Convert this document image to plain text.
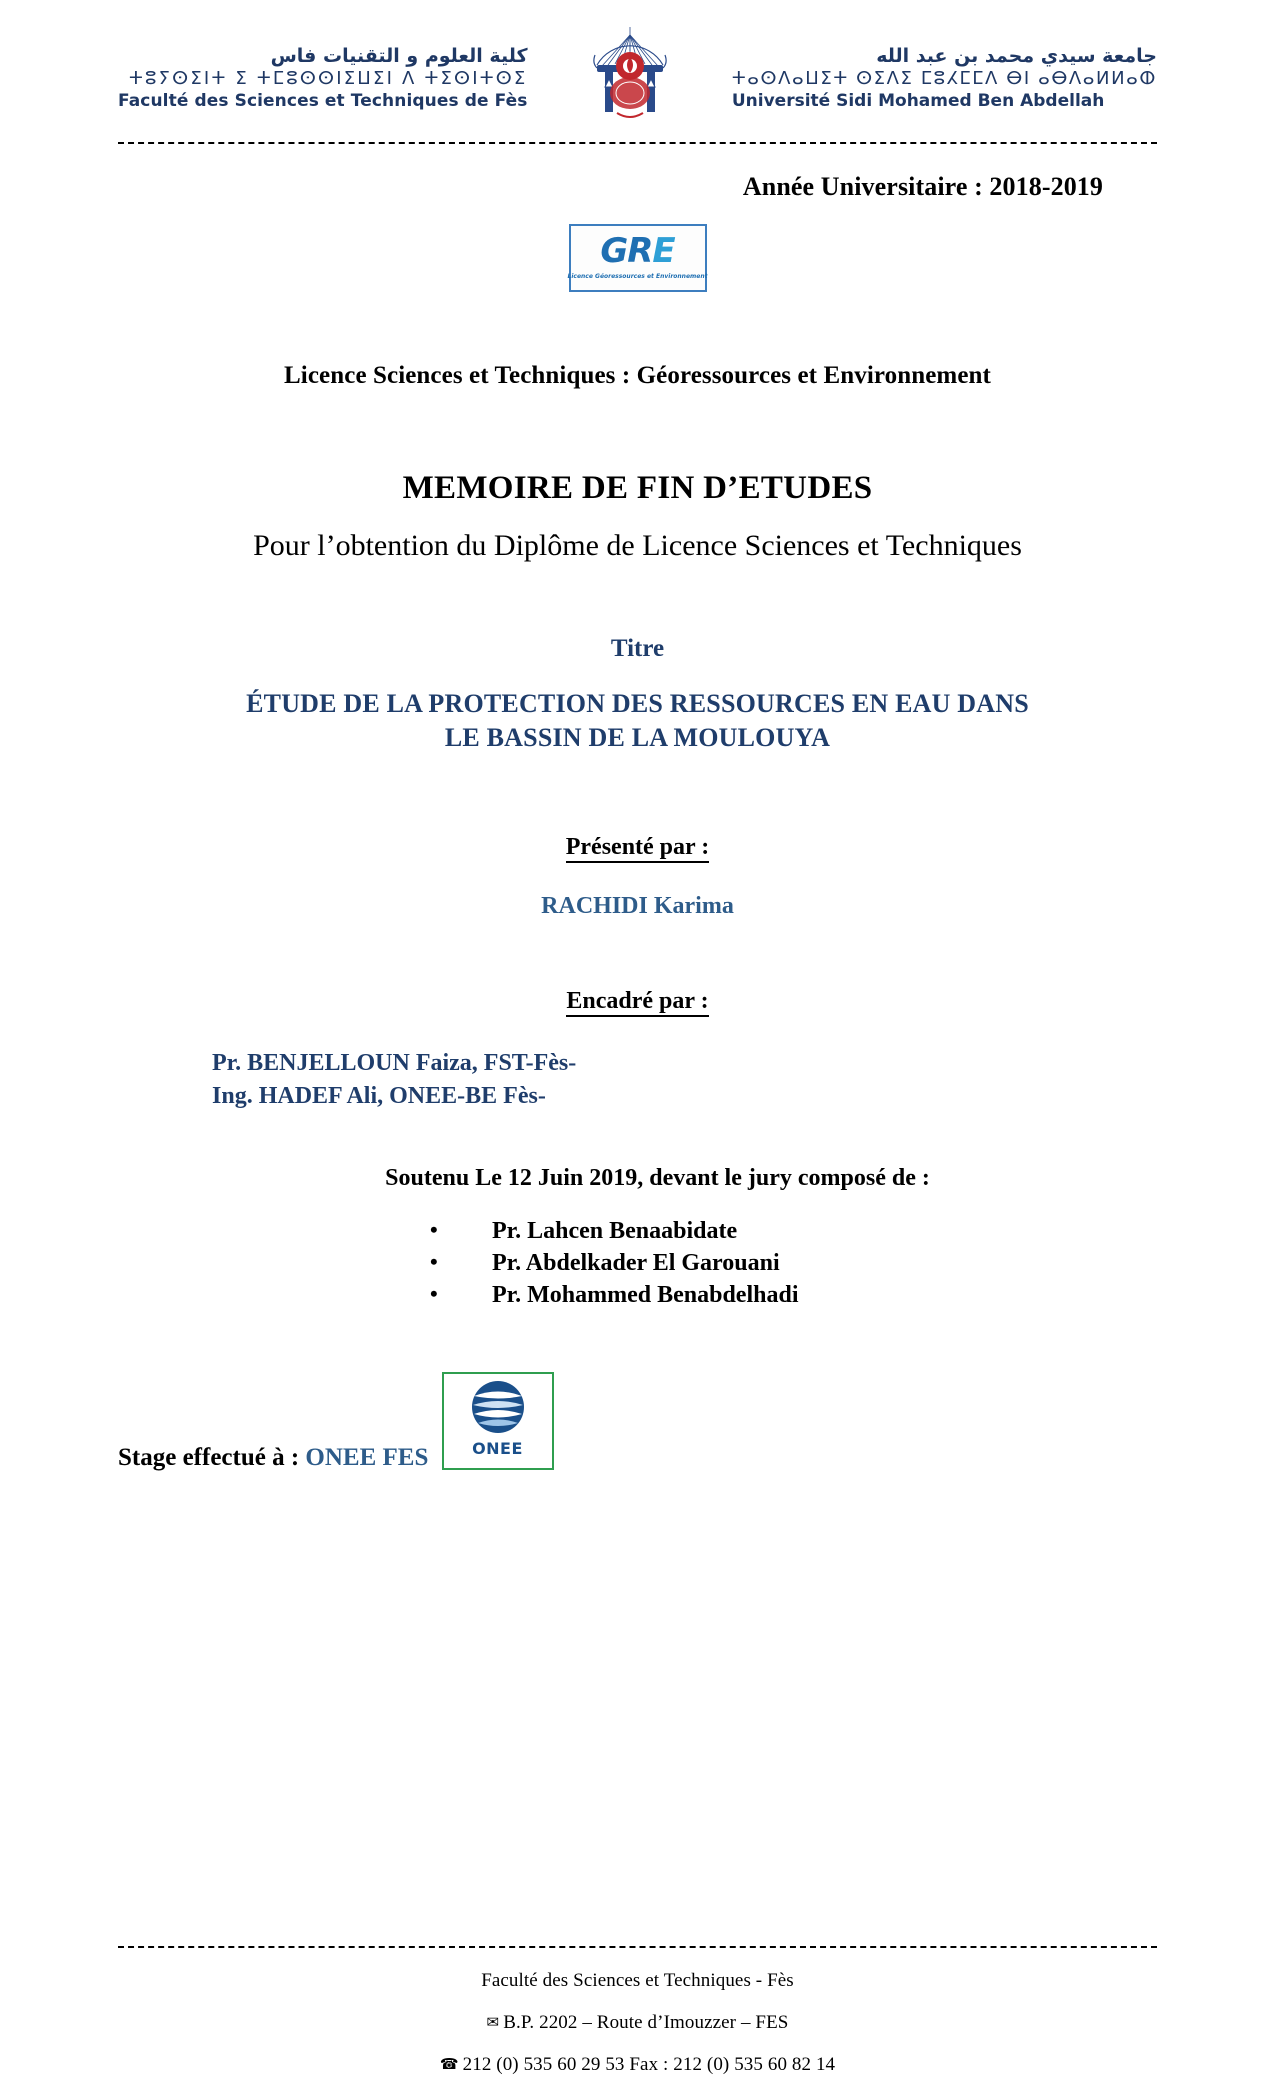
كلية العلوم و التقنيات فاس
ⵜⵓⵢⵙⵉⵏⵜ ⵉ ⵜⵎⵓⵙⵙⵏⵉⵡⵉⵏ ⴷ ⵜⵉⵙⵏⵜⵙⵉ
Faculté des Sciences et Techniques de Fès
جامعة سيدي محمد بن عبد الله
ⵜⴰⵙⴷⴰⵡⵉⵜ ⵙⵉⴷⵉ ⵎⵓⵃⵎⵎⴷ ⴱⵏ ⴰⴱⴷⴰⵍⵍⴰⵀ
Université Sidi Mohamed Ben Abdellah
Année Universitaire : 2018-2019
GRE
Licence Géoressources et Environnement
Licence Sciences et Techniques : Géoressources et Environnement
MEMOIRE DE FIN D’ETUDES
Pour l’obtention du Diplôme de Licence Sciences et Techniques
Titre
ÉTUDE DE LA PROTECTION DES RESSOURCES EN EAU DANS
LE BASSIN DE LA MOULOUYA
Présenté par :
RACHIDI Karima
Encadré par :
Pr. BENJELLOUN Faiza, FST-Fès-
Ing. HADEF Ali, ONEE-BE Fès-
Soutenu Le 12 Juin 2019, devant le jury composé de :
• Pr. Lahcen Benaabidate
• Pr. Abdelkader El Garouani
• Pr. Mohammed Benabdelhadi
ONEE
Stage effectué à : ONEE FES
Faculté des Sciences et Techniques - Fès
✉ B.P. 2202 – Route d’Imouzzer – FES
☎ 212 (0) 535 60 29 53 Fax : 212 (0) 535 60 82 14
